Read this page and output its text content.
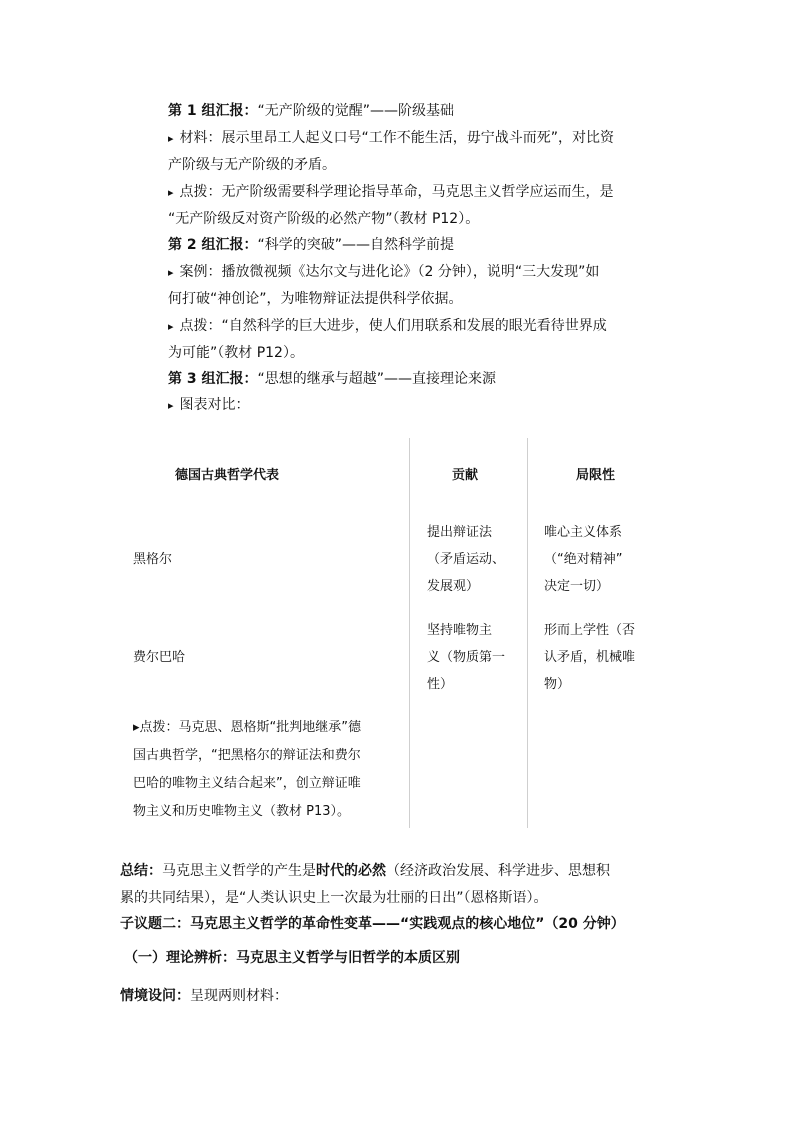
第 1 组汇报：“无产阶级的觉醒”——阶级基础
▸ 材料：展示里昂工人起义口号“工作不能生活，毋宁战斗而死”，对比资
产阶级与无产阶级的矛盾。
▸ 点拨：无产阶级需要科学理论指导革命，马克思主义哲学应运而生，是
“无产阶级反对资产阶级的必然产物”（教材 P12）。
第 2 组汇报：“科学的突破”——自然科学前提
▸ 案例：播放微视频《达尔文与进化论》（2 分钟），说明“三大发现”如
何打破“神创论”，为唯物辩证法提供科学依据。
▸ 点拨：“自然科学的巨大进步，使人们用联系和发展的眼光看待世界成
为可能”（教材 P12）。
第 3 组汇报：“思想的继承与超越”——直接理论来源
▸ 图表对比：
德国古典哲学代表	贡献	局限性
黑格尔
提出辩证法
（矛盾运动、
发展观）
唯心主义体系
（“绝对精神”
决定一切）
费尔巴哈
坚持唯物主
义（物质第一
性）
形而上学性（否
认矛盾，机械唯
物）
▸点拨：马克思、恩格斯“批判地继承”德
国古典哲学，“把黑格尔的辩证法和费尔
巴哈的唯物主义结合起来”，创立辩证唯
物主义和历史唯物主义（教材 P13）。
总结：马克思主义哲学的产生是时代的必然（经济政治发展、科学进步、思想积
累的共同结果），是“人类认识史上一次最为壮丽的日出”（恩格斯语）。
子议题二：马克思主义哲学的革命性变革——“实践观点的核心地位”（20 分钟）
（一）理论辨析：马克思主义哲学与旧哲学的本质区别
情境设问：呈现两则材料：
